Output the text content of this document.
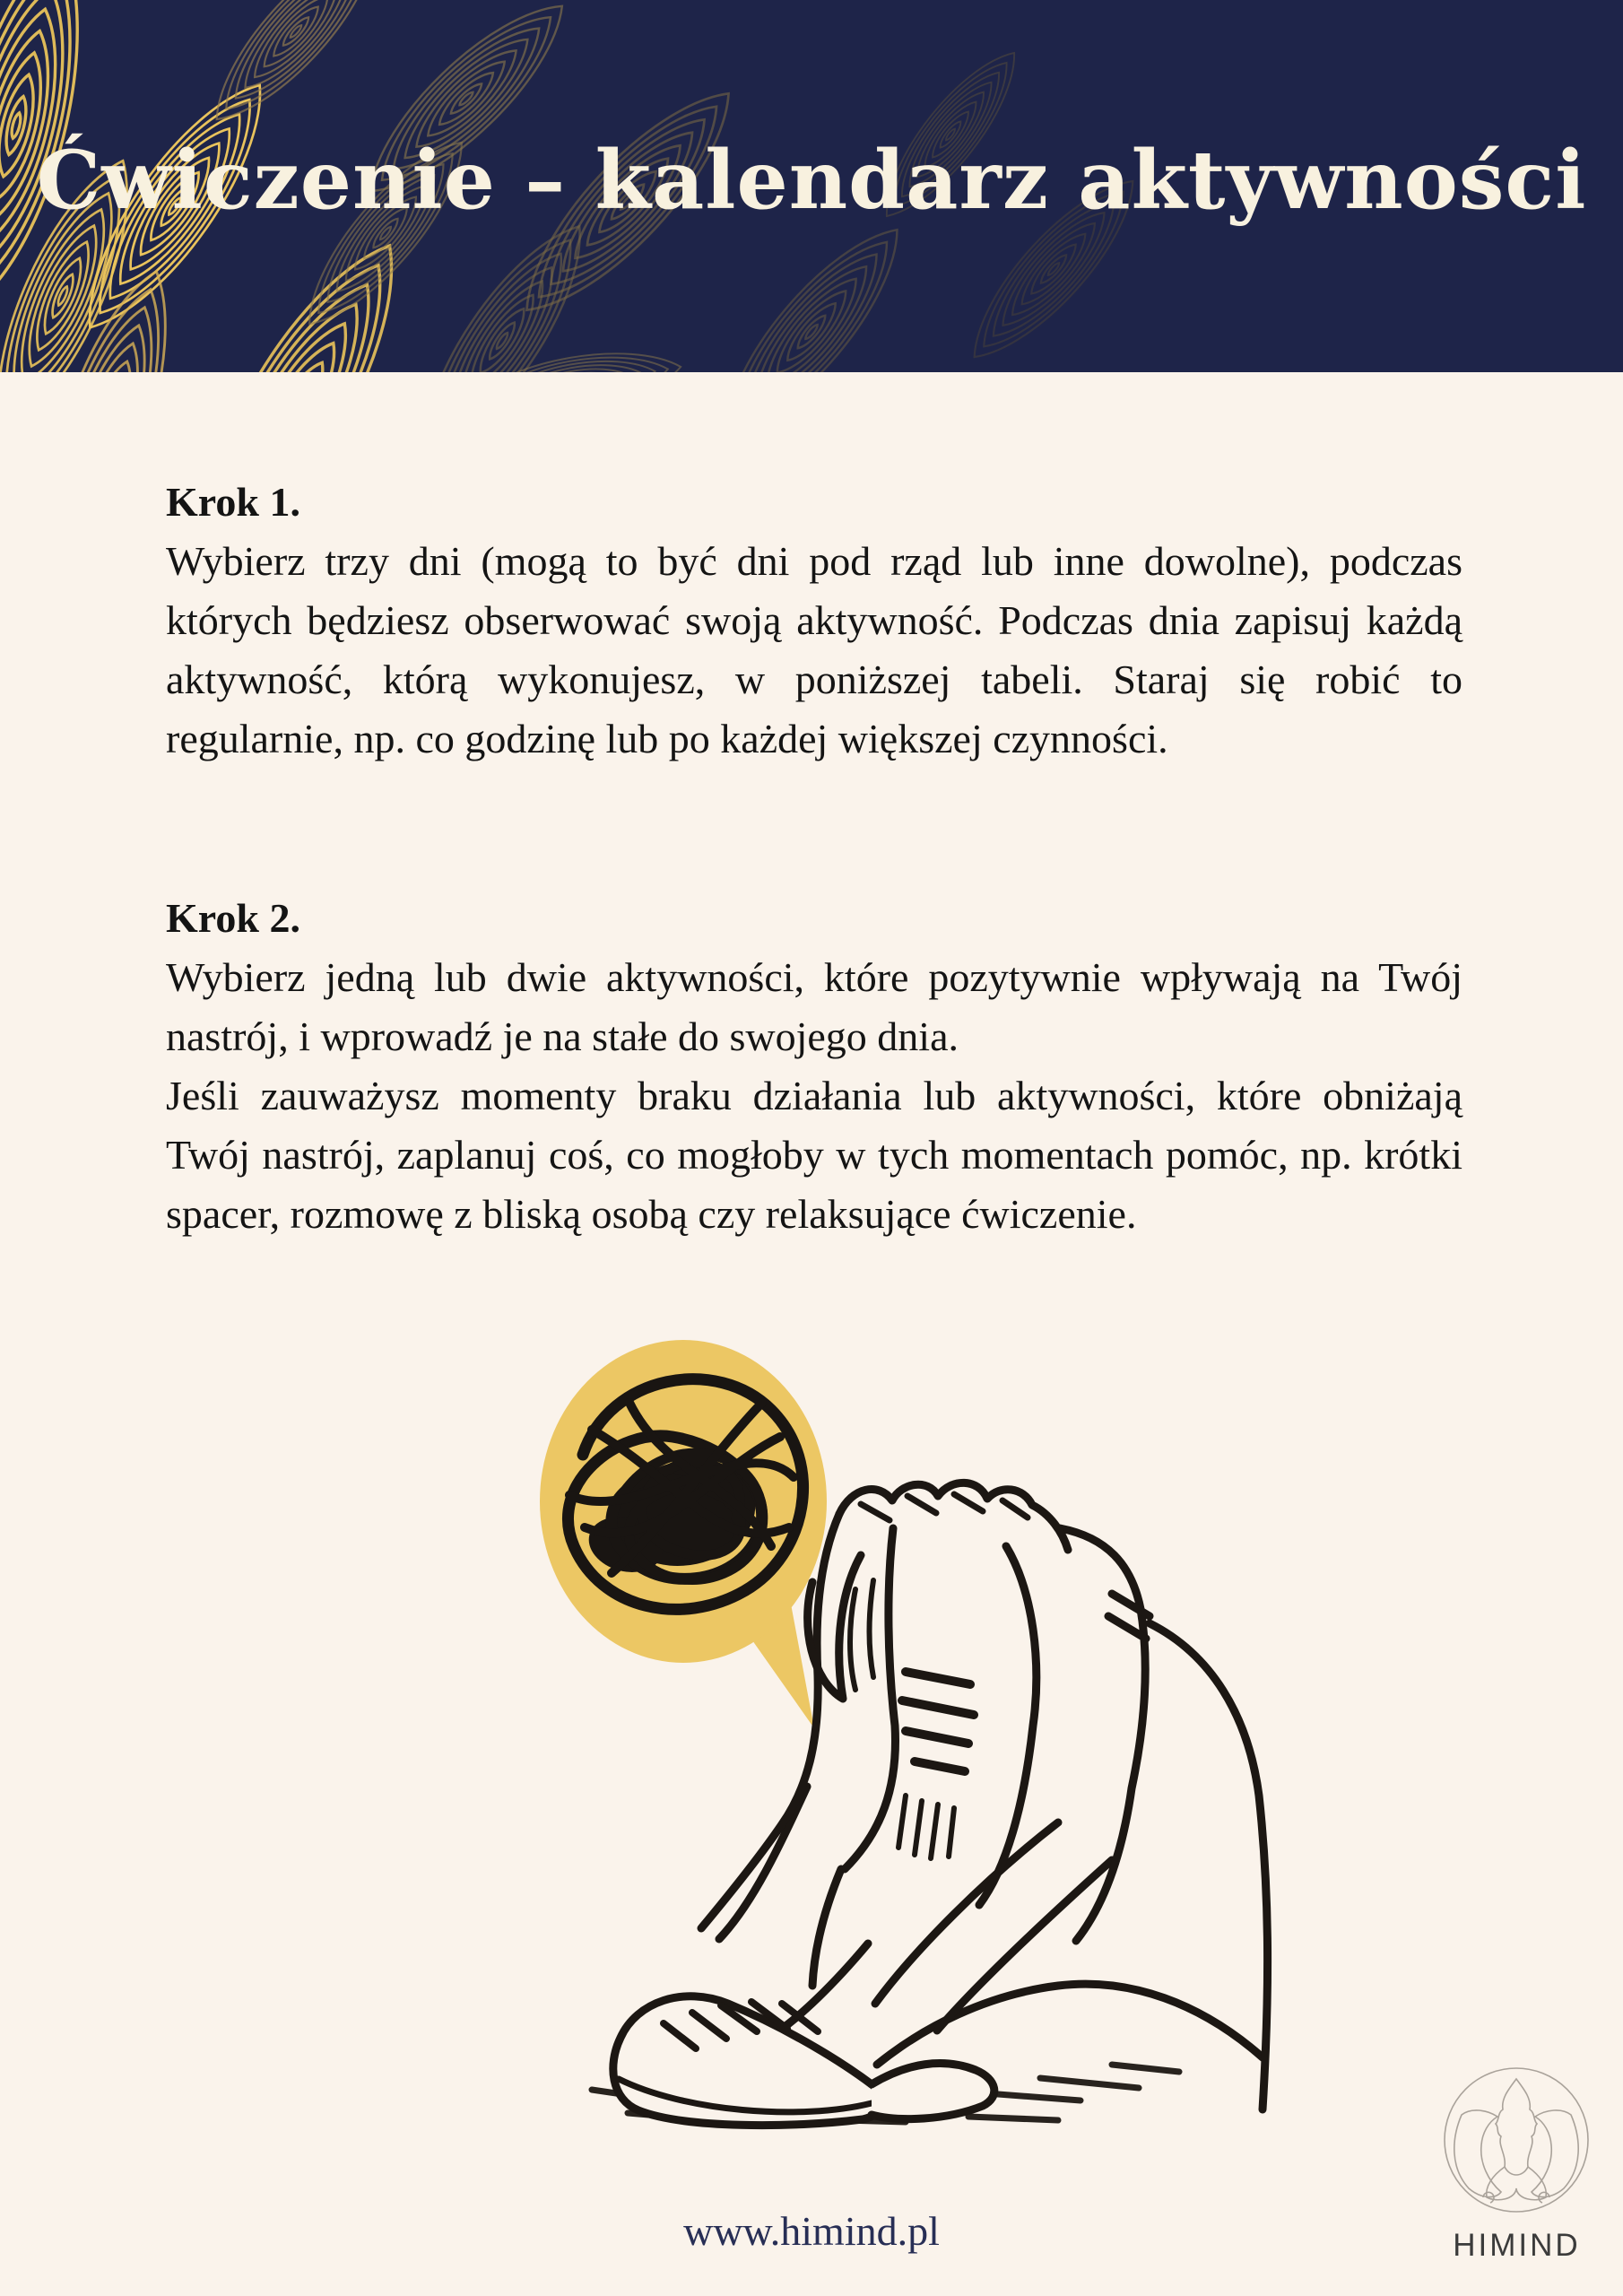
Ćwiczenie – kalendarz aktywności
Krok 1.

Wybierz trzy dni (mogą to być dni pod rząd lub inne dowolne), podczas których będziesz obserwować swoją aktywność. Podczas dnia zapisuj każdą aktywność, którą wykonujesz, w poniższej tabeli. Staraj się robić to regularnie, np. co godzinę lub po każdej większej czynności.

Krok 2.

Wybierz jedną lub dwie aktywności, które pozytywnie wpływają na Twój nastrój, i wprowadź je na stałe do swojego dnia.

Jeśli zauważysz momenty braku działania lub aktywności, które obniżają Twój nastrój, zaplanuj coś, co mogłoby w tych momentach pomóc, np. krótki spacer, rozmowę z bliską osobą czy relaksujące ćwiczenie.

www.himind.pl	HIMIND
